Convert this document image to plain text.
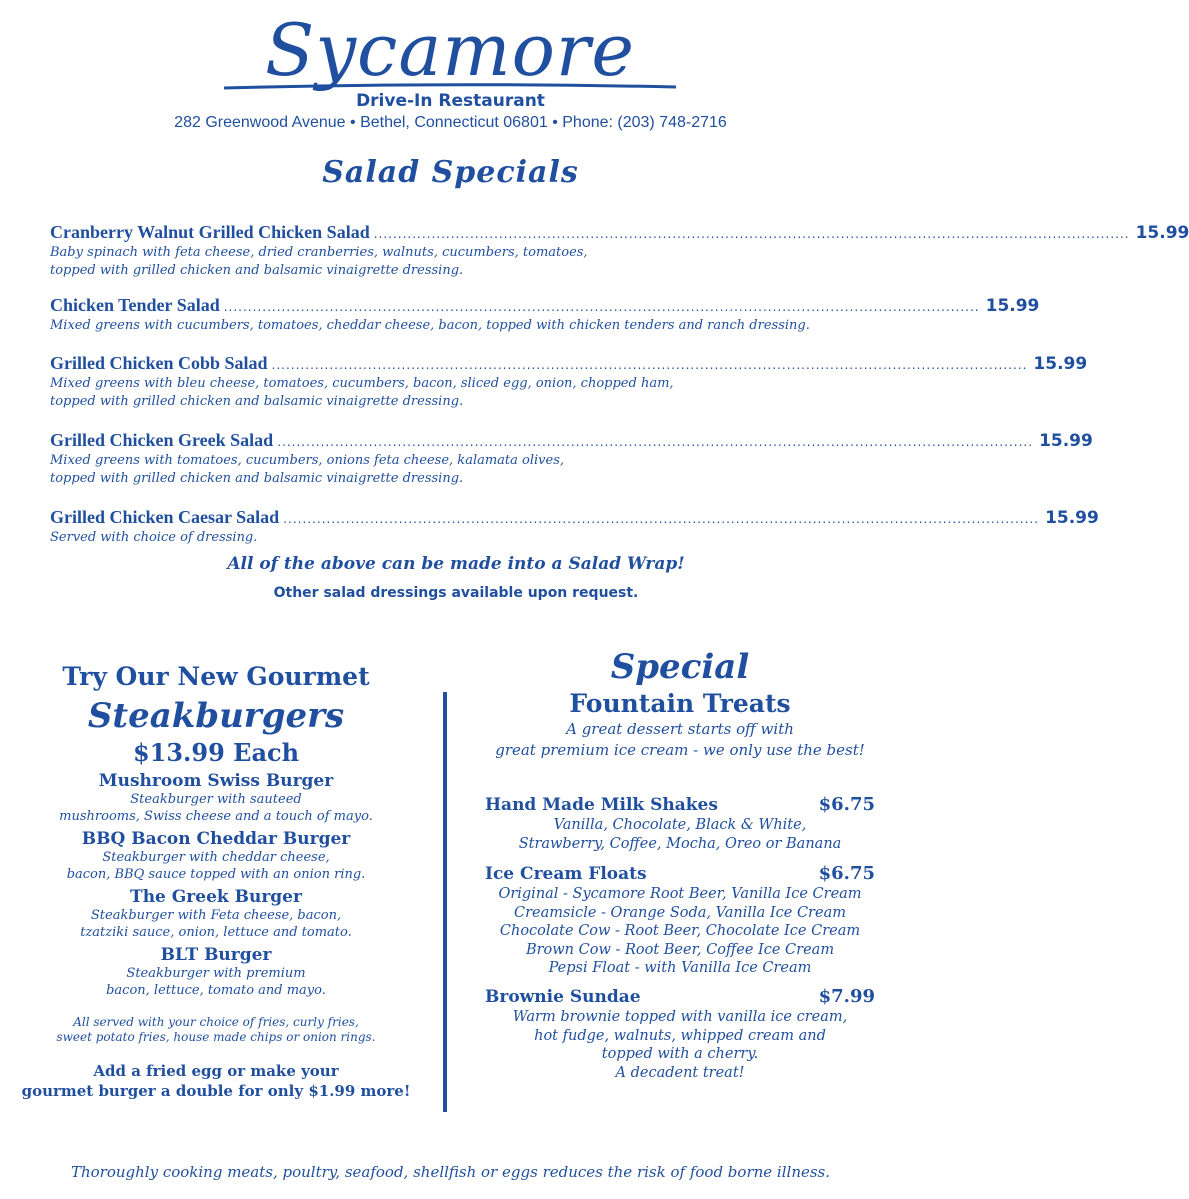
Sycamore
Drive-In Restaurant
282 Greenwood Avenue • Bethel, Connecticut 06801 • Phone: (203) 748-2716
Salad Specials
Cranberry Walnut Grilled Chicken Salad ............................................................................................................................................................. 15.99
Baby spinach with feta cheese, dried cranberries, walnuts, cucumbers, tomatoes,
topped with grilled chicken and balsamic vinaigrette dressing.
Chicken Tender Salad ............................................................................................................................................................. 15.99
Mixed greens with cucumbers, tomatoes, cheddar cheese, bacon, topped with chicken tenders and ranch dressing.
Grilled Chicken Cobb Salad ............................................................................................................................................................. 15.99
Mixed greens with bleu cheese, tomatoes, cucumbers, bacon, sliced egg, onion, chopped ham,
topped with grilled chicken and balsamic vinaigrette dressing.
Grilled Chicken Greek Salad ............................................................................................................................................................. 15.99
Mixed greens with tomatoes, cucumbers, onions feta cheese, kalamata olives,
topped with grilled chicken and balsamic vinaigrette dressing.
Grilled Chicken Caesar Salad ............................................................................................................................................................. 15.99
Served with choice of dressing.
All of the above can be made into a Salad Wrap!
Other salad dressings available upon request.
Try Our New Gourmet
Steakburgers
$13.99 Each
Mushroom Swiss Burger
Steakburger with sauteed
mushrooms, Swiss cheese and a touch of mayo.
BBQ Bacon Cheddar Burger
Steakburger with cheddar cheese,
bacon, BBQ sauce topped with an onion ring.
The Greek Burger
Steakburger with Feta cheese, bacon,
tzatziki sauce, onion, lettuce and tomato.
BLT Burger
Steakburger with premium
bacon, lettuce, tomato and mayo.
All served with your choice of fries, curly fries,
sweet potato fries, house made chips or onion rings.
Add a fried egg or make your
gourmet burger a double for only $1.99 more!
Special
Fountain Treats
A great dessert starts off with
great premium ice cream - we only use the best!
Hand Made Milk Shakes	$6.75
Vanilla, Chocolate, Black & White,
Strawberry, Coffee, Mocha, Oreo or Banana
Ice Cream Floats	$6.75
Original - Sycamore Root Beer, Vanilla Ice Cream
Creamsicle - Orange Soda, Vanilla Ice Cream
Chocolate Cow - Root Beer, Chocolate Ice Cream
Brown Cow - Root Beer, Coffee Ice Cream
Pepsi Float - with Vanilla Ice Cream
Brownie Sundae	$7.99
Warm brownie topped with vanilla ice cream,
hot fudge, walnuts, whipped cream and
topped with a cherry.
A decadent treat!
Thoroughly cooking meats, poultry, seafood, shellfish or eggs reduces the risk of food borne illness.
